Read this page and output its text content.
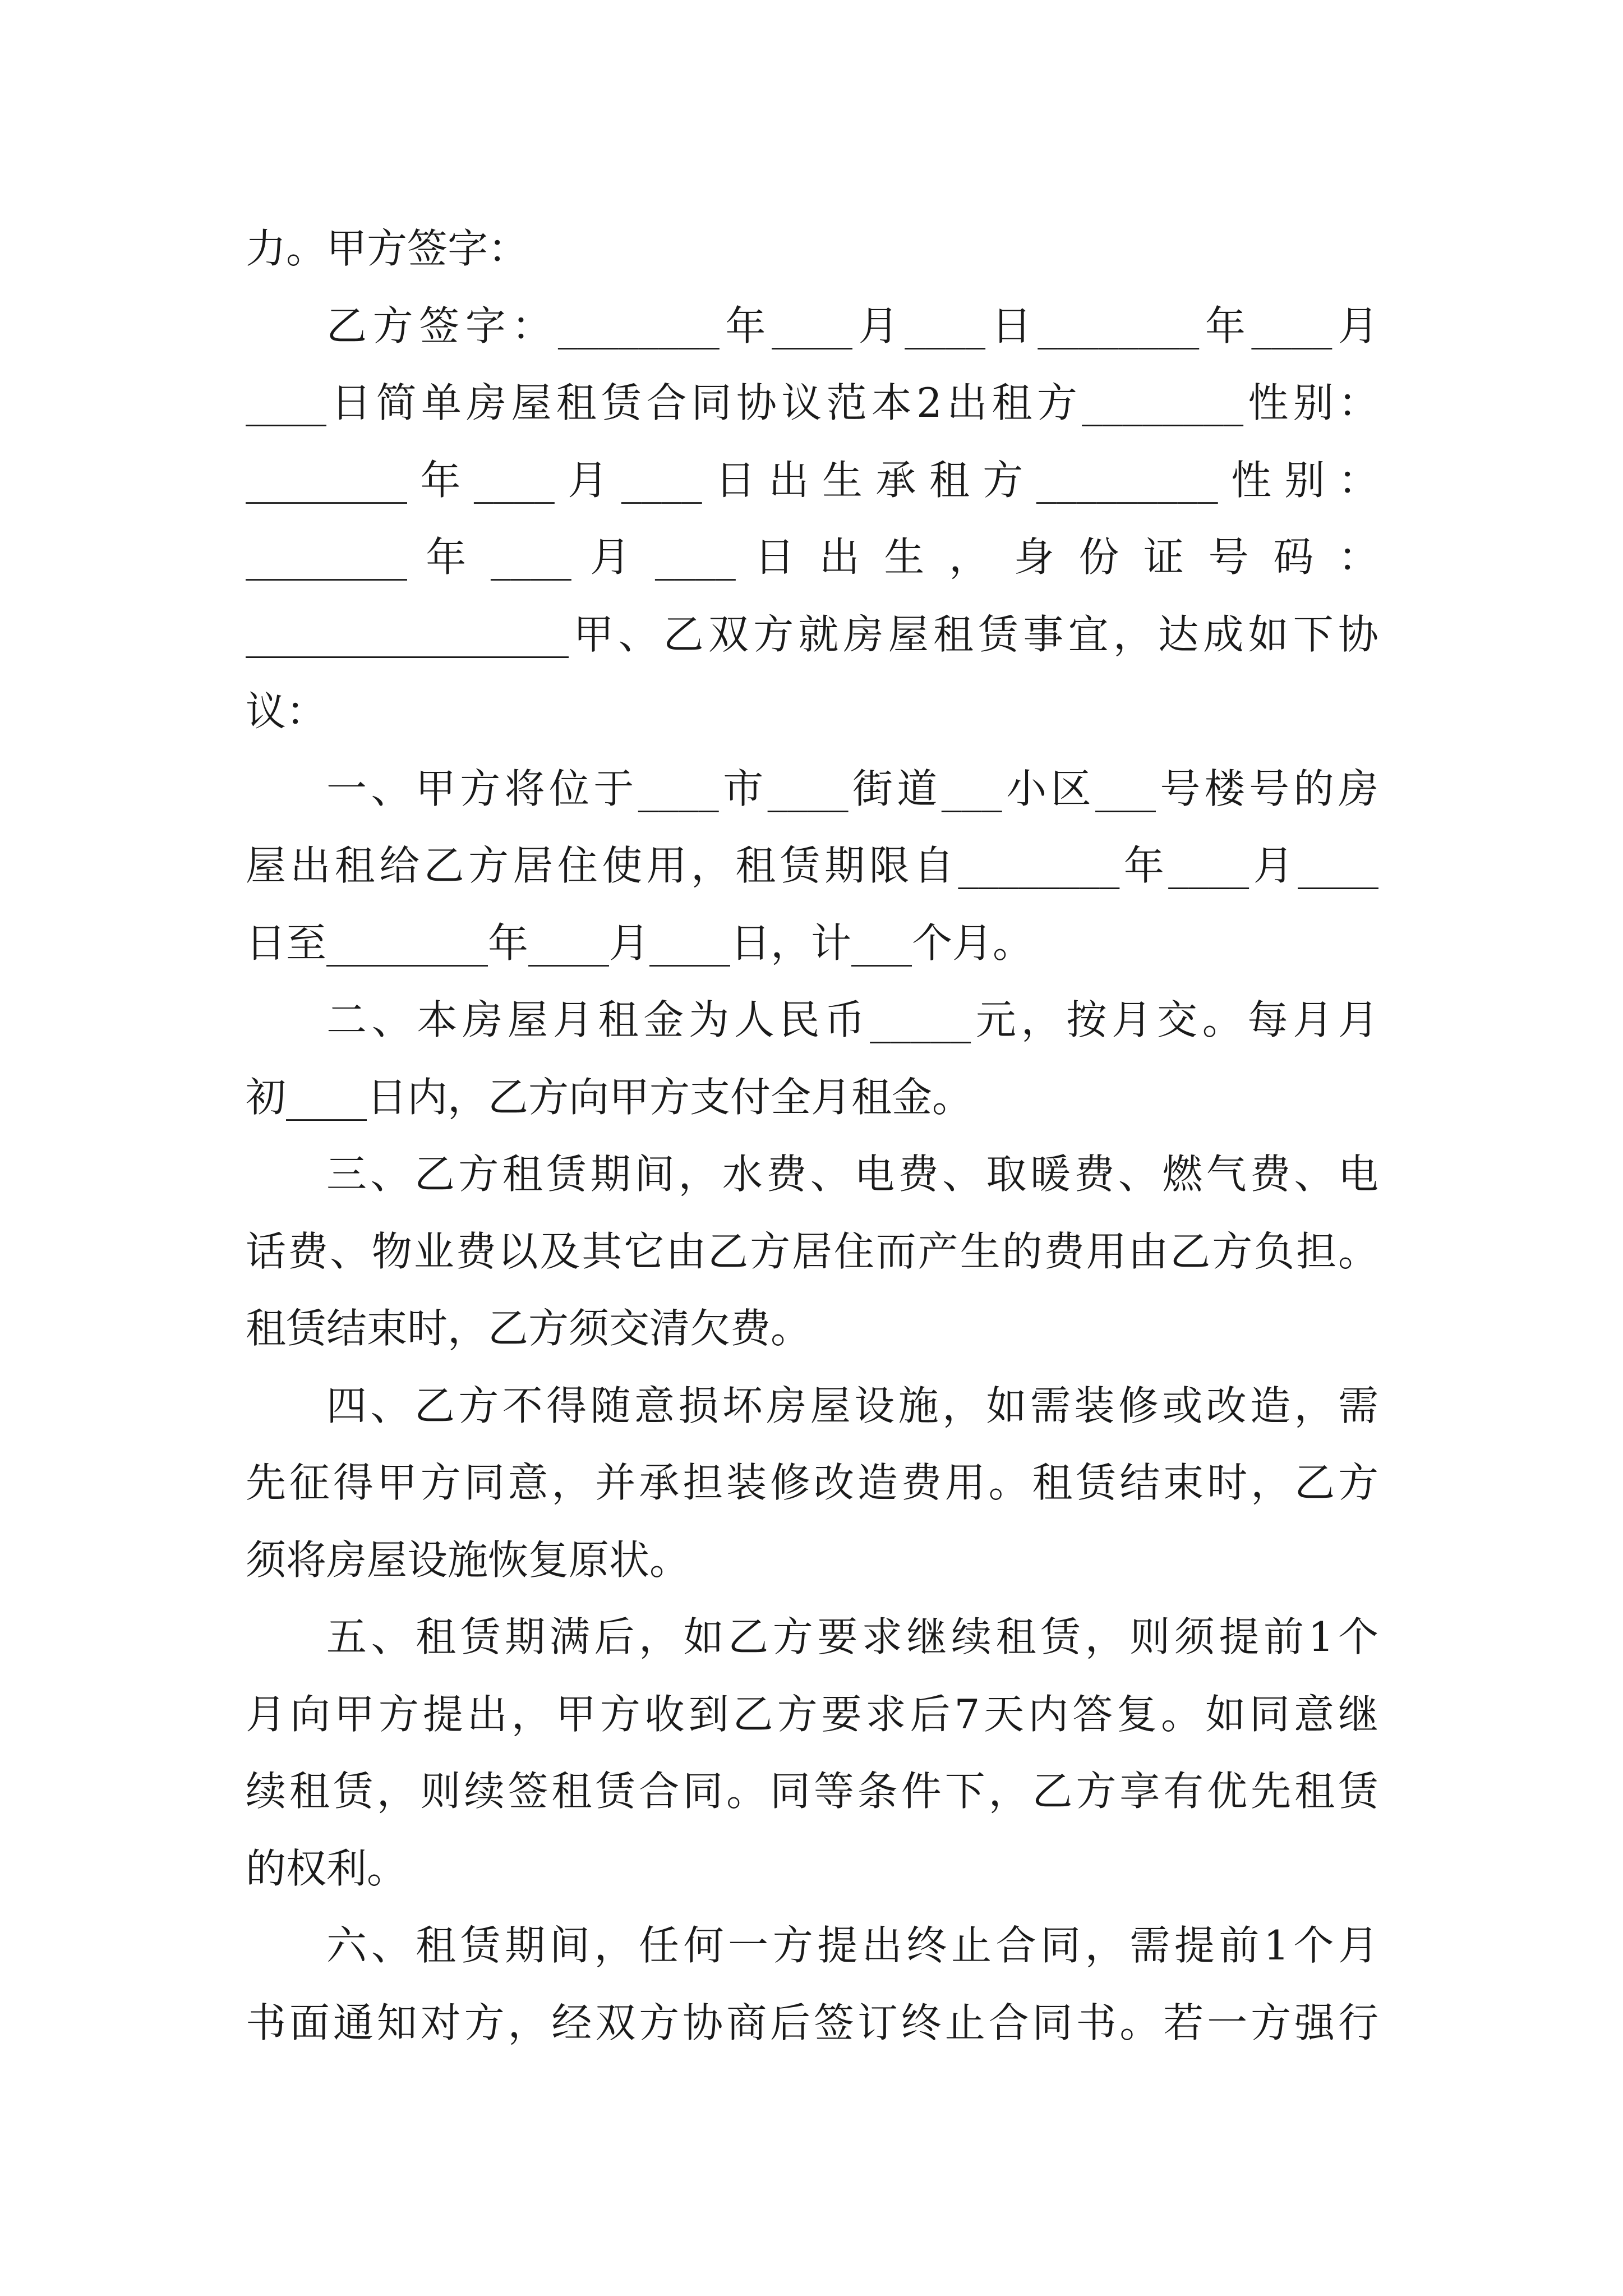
力。甲方签字：
乙方签字：________年____月____日________年____月
____日简单房屋租赁合同协议范本2出租方________性别：
________年____月____日出生承租方_________性别：
________ 年 ____ 月 ____ 日 出 生 ， 身 份 证 号 码 ：
________________甲、乙双方就房屋租赁事宜，达成如下协
议：
一、甲方将位于____市____街道___小区___号楼号的房
屋出租给乙方居住使用，租赁期限自________年____月____
日至________年____月____日，计___个月。
二、本房屋月租金为人民币_____元，按月交。每月月
初____日内，乙方向甲方支付全月租金。
三、乙方租赁期间，水费、电费、取暖费、燃气费、电
话费、物业费以及其它由乙方居住而产生的费用由乙方负担。
租赁结束时，乙方须交清欠费。
四、乙方不得随意损坏房屋设施，如需装修或改造，需
先征得甲方同意，并承担装修改造费用。租赁结束时，乙方
须将房屋设施恢复原状。
五、租赁期满后，如乙方要求继续租赁，则须提前1个
月向甲方提出，甲方收到乙方要求后7天内答复。如同意继
续租赁，则续签租赁合同。同等条件下，乙方享有优先租赁
的权利。
六、租赁期间，任何一方提出终止合同，需提前1个月
书面通知对方，经双方协商后签订终止合同书。若一方强行
